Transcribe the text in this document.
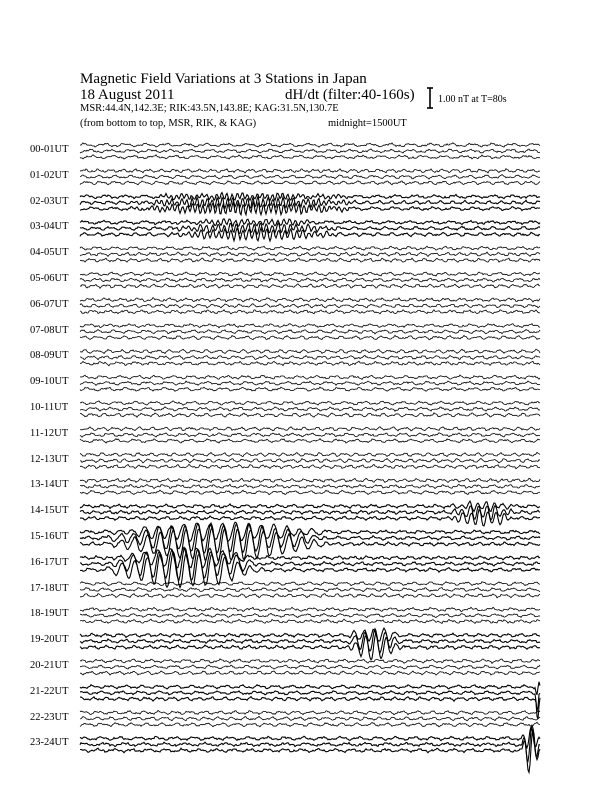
Magnetic Field Variations at 3 Stations in Japan
18 August 2011	dH/dt (filter:40-160s)
MSR:44.4N,142.3E; RIK:43.5N,143.8E; KAG:31.5N,130.7E
(from bottom to top, MSR, RIK, & KAG)	midnight=1500UT
1.00 nT at T=80s
00-01UT
01-02UT
02-03UT
03-04UT
04-05UT
05-06UT
06-07UT
07-08UT
08-09UT
09-10UT
10-11UT
11-12UT
12-13UT
13-14UT
14-15UT
15-16UT
16-17UT
17-18UT
18-19UT
19-20UT
20-21UT
21-22UT
22-23UT
23-24UT
